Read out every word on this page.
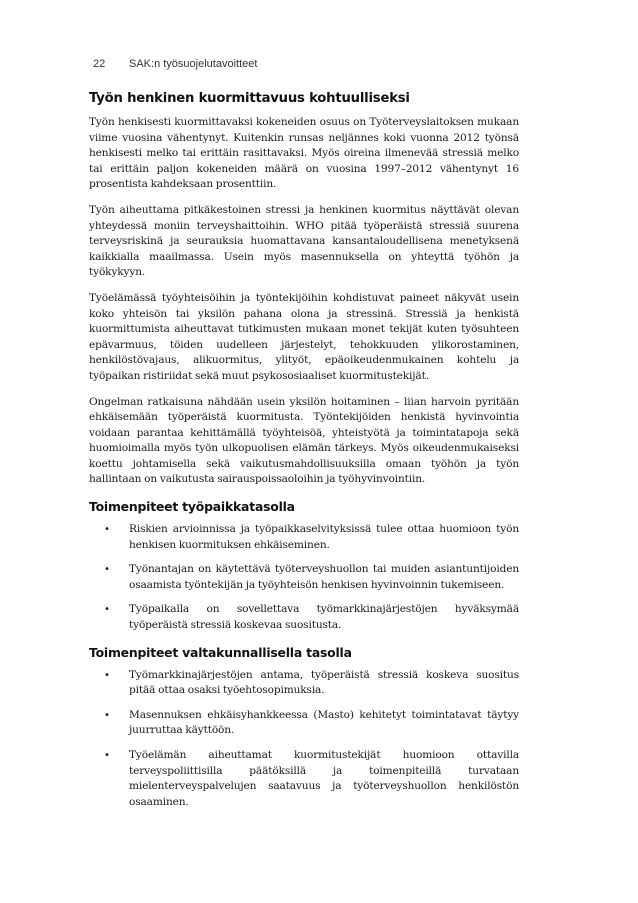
22 SAK:n työsuojelutavoitteet
Työn henkinen kuormittavuus kohtuulliseksi

Työn henkisesti kuormittavaksi kokeneiden osuus on Työterveyslaitoksen mukaan viime vuosina vähentynyt. Kuitenkin runsas neljännes koki vuonna 2012 työnsä henkisesti melko tai erittäin rasittavaksi. Myös oireina ilmenevää stressiä melko tai erittäin paljon kokeneiden määrä on vuosina 1997–2012 vähentynyt 16 prosentista kahdeksaan prosenttiin.

Työn aiheuttama pitkäkestoinen stressi ja henkinen kuormitus näyttävät olevan yhteydessä moniin terveyshaittoihin. WHO pitää työperäistä stressiä suurena terveysriskinä ja seurauksia huomattavana kansantaloudellisena menetyksenä kaikkialla maailmassa. Usein myös masennuksella on yhteyttä työhön ja työkykyyn.

Työelämässä työyhteisöihin ja työntekijöihin kohdistuvat paineet näkyvät usein koko yhteisön tai yksilön pahana olona ja stressinä. Stressiä ja henkistä kuormittumista aiheuttavat tutkimusten mukaan monet tekijät kuten työsuhteen epävarmuus, töiden uudelleen järjestelyt, tehokkuuden ylikorostaminen, henkilöstövajaus, alikuormitus, ylityöt, epäoikeudenmukainen kohtelu ja työpaikan ristiriidat sekä muut psykososiaaliset kuormitustekijät.

Ongelman ratkaisuna nähdään usein yksilön hoitaminen – liian harvoin pyritään ehkäisemään työperäistä kuormitusta. Työntekijöiden henkistä hyvinvointia voidaan parantaa kehittämällä työyhteisöä, yhteistyötä ja toimintatapoja sekä huomioimalla myös työn ulkopuolisen elämän tärkeys. Myös oikeudenmukaiseksi koettu johtamisella sekä vaikutusmahdollisuuksilla omaan työhön ja työn hallintaan on vaikutusta sairauspoissaoloihin ja työhyvinvointiin.

Toimenpiteet työpaikkatasolla
• Riskien arvioinnissa ja työpaikkaselvityksissä tulee ottaa huomioon työn henkisen kuormituksen ehkäiseminen.
• Työnantajan on käytettävä työterveyshuollon tai muiden asiantuntijoiden osaamista työntekijän ja työyhteisön henkisen hyvinvoinnin tukemiseen.
• Työpaikalla on sovellettava työmarkkinajärjestöjen hyväksymää työperäistä stressiä koskevaa suositusta.
Toimenpiteet valtakunnallisella tasolla
• Työmarkkinajärjestöjen antama, työperäistä stressiä koskeva suositus pitää ottaa osaksi työehtosopimuksia.
• Masennuksen ehkäisyhankkeessa (Masto) kehitetyt toimintatavat täytyy juurruttaa käyttöön.
• Työelämän aiheuttamat kuormitustekijät huomioon ottavilla terveyspoliittisilla päätöksillä ja toimenpiteillä turvataan mielenterveyspalvelujen saatavuus ja työterveyshuollon henkilöstön osaaminen.
